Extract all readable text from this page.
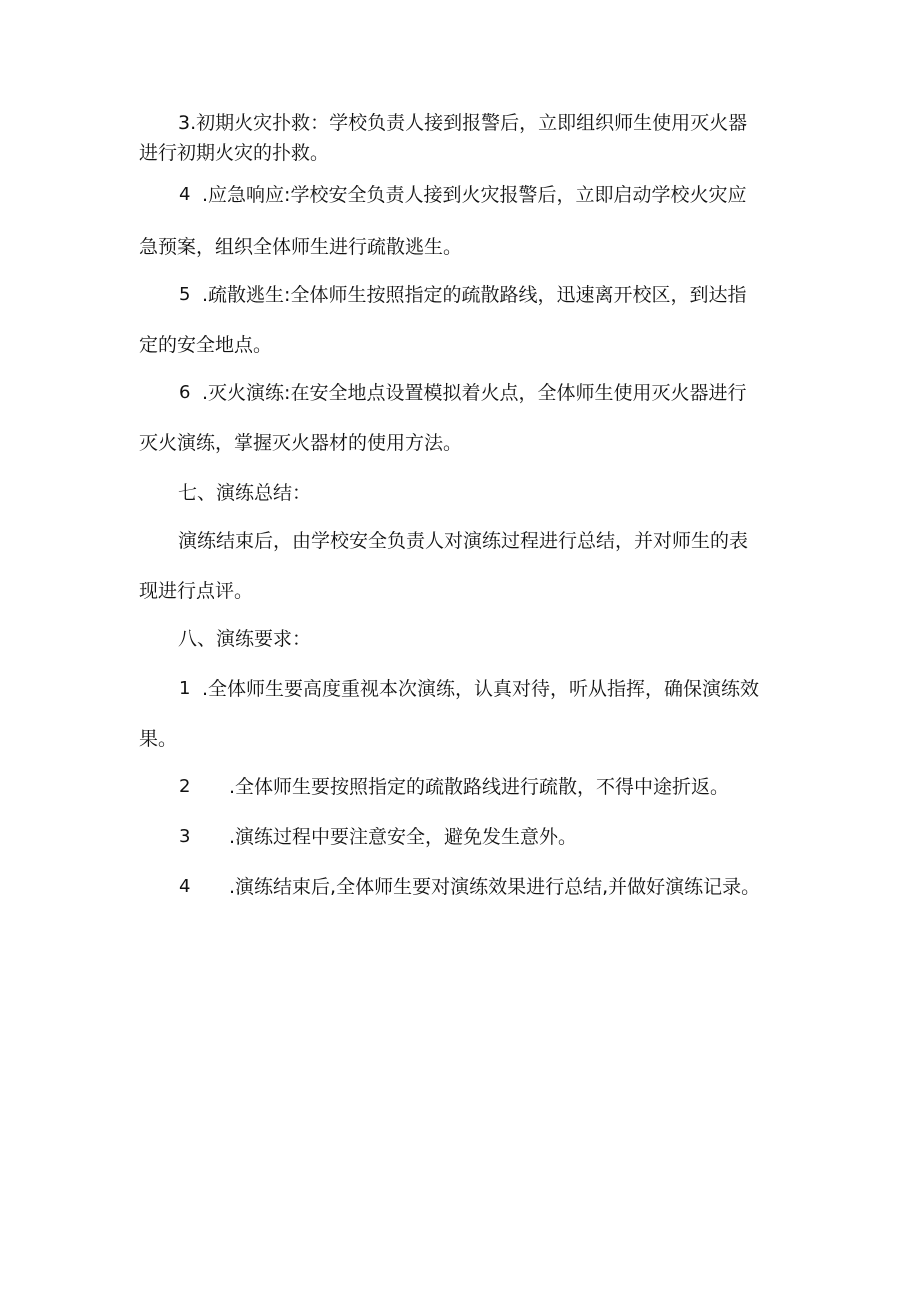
3.初期火灾扑救：学校负责人接到报警后，立即组织师生使用灭火器
进行初期火灾的扑救。
4 .应急响应:学校安全负责人接到火灾报警后，立即启动学校火灾应
急预案，组织全体师生进行疏散逃生。
5 .疏散逃生:全体师生按照指定的疏散路线，迅速离开校区，到达指
定的安全地点。
6 .灭火演练:在安全地点设置模拟着火点，全体师生使用灭火器进行
灭火演练，掌握灭火器材的使用方法。
七、演练总结：
演练结束后，由学校安全负责人对演练过程进行总结，并对师生的表
现进行点评。
八、演练要求：
1 .全体师生要高度重视本次演练，认真对待，听从指挥，确保演练效
果。
2 .全体师生要按照指定的疏散路线进行疏散，不得中途折返。
3 .演练过程中要注意安全，避免发生意外。
4 .演练结束后,全体师生要对演练效果进行总结,并做好演练记录。
